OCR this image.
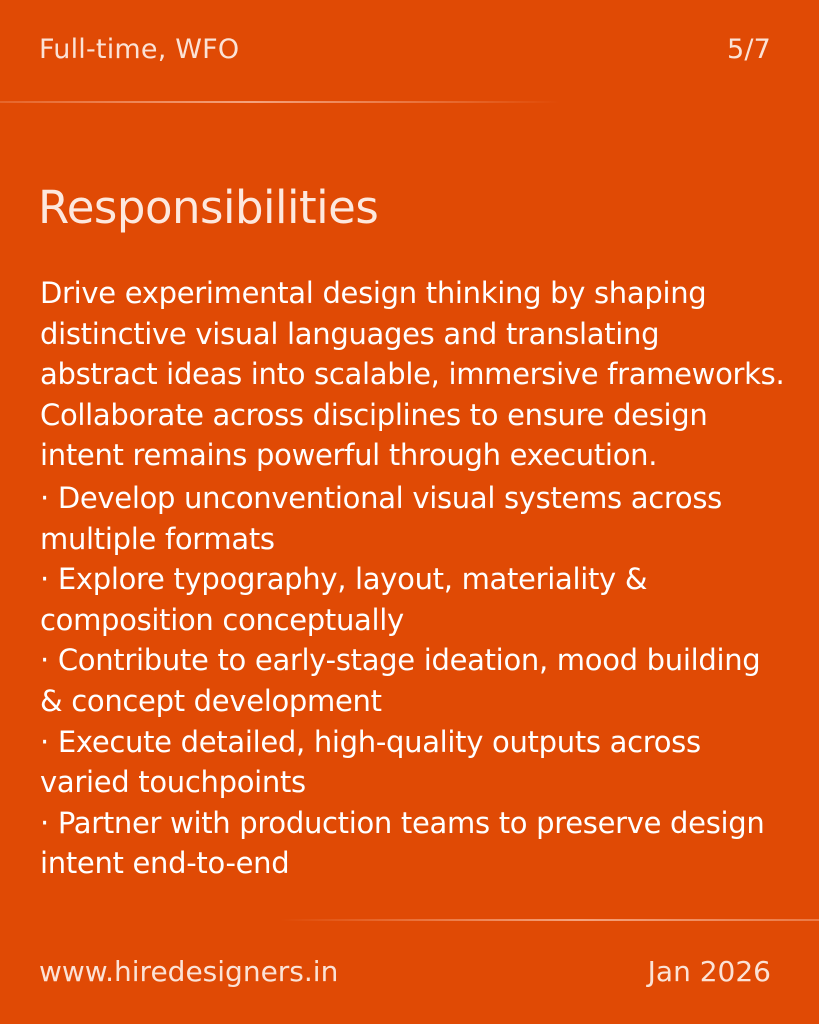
Full-time, WFO	5/7
Responsibilities

Drive experimental design thinking by shaping distinctive visual languages and translating abstract ideas into scalable, immersive frameworks. Collaborate across disciplines to ensure design intent remains powerful through execution.

· Develop unconventional visual systems across multiple formats
· Explore typography, layout, materiality & composition conceptually
· Contribute to early-stage ideation, mood building & concept development
· Execute detailed, high-quality outputs across varied touchpoints
· Partner with production teams to preserve design intent end-to-end
www.hiredesigners.in	Jan 2026
